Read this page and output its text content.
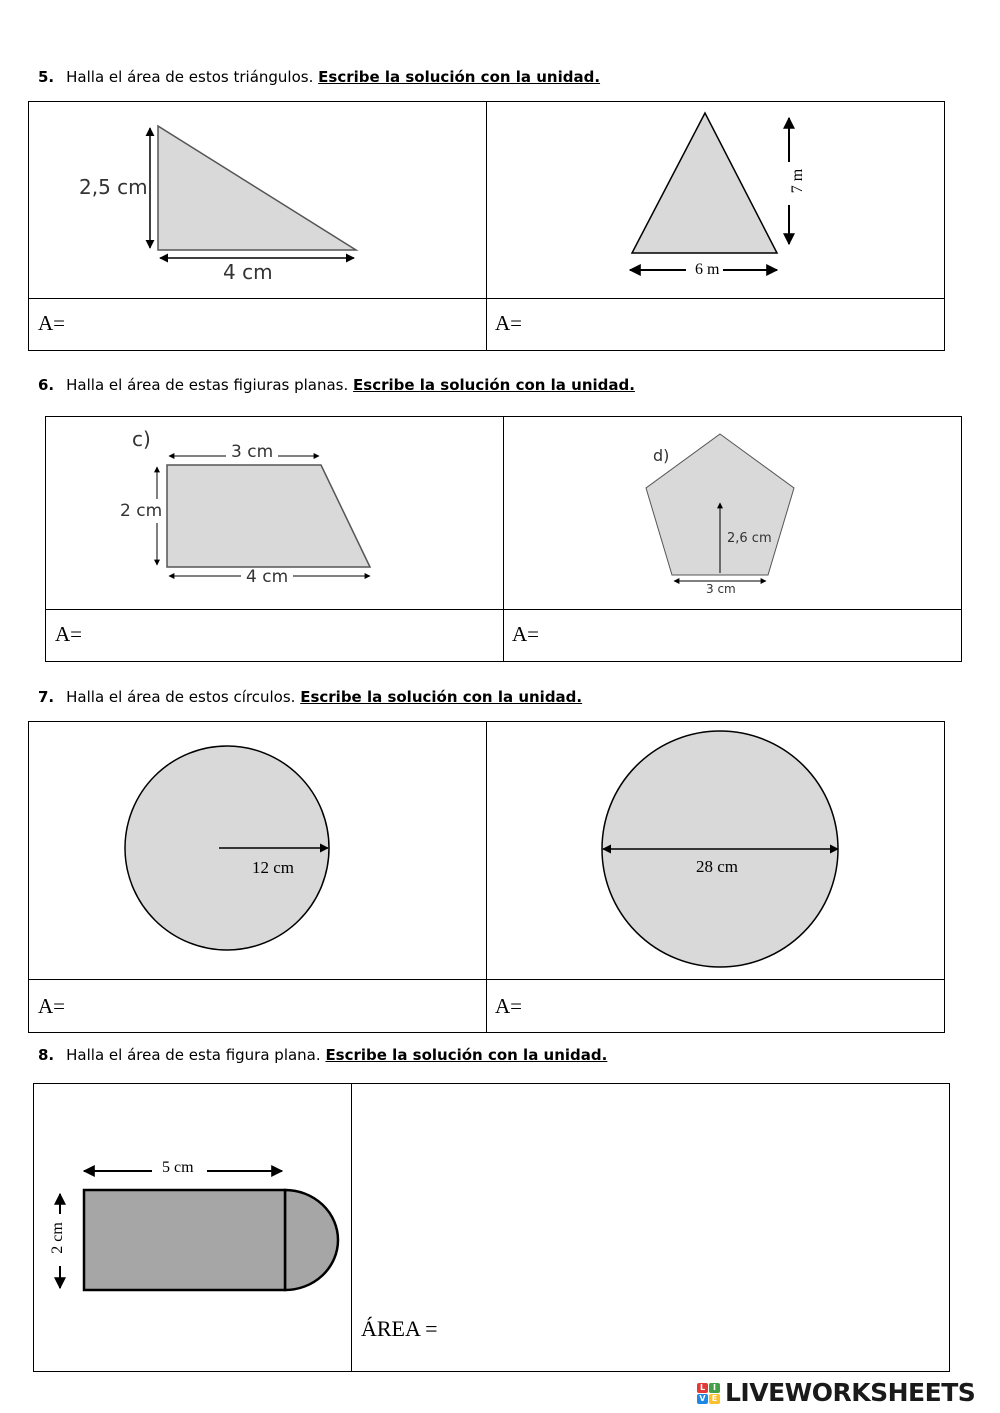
5. Halla el área de estos triángulos. Escribe la solución con la unidad.
2,5 cm
4 cm
7 m
6 m
A=	A=
6. Halla el área de estas figiuras planas. Escribe la solución con la unidad.
c)
3 cm
2 cm
4 cm
d)
2,6 cm
3 cm
A=	A=
7. Halla el área de estos círculos. Escribe la solución con la unidad.
12 cm	28 cm
A=	A=
8. Halla el área de esta figura plana. Escribe la solución con la unidad.
5 cm
2 cm
ÁREA =
L I
V E LIVEWORKSHEETS
